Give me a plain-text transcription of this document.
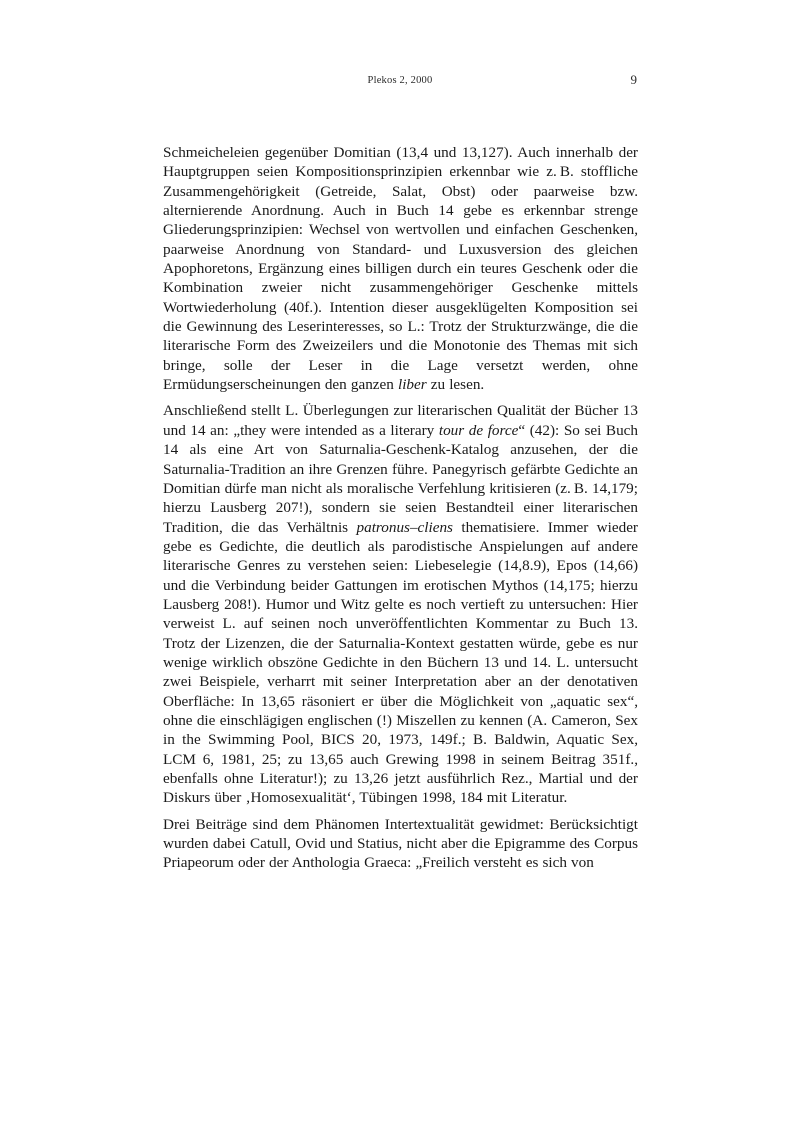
Plekos 2, 2000	9

Schmeicheleien gegenüber Domitian (13,4 und 13,127). Auch innerhalb der Hauptgruppen seien Kompositionsprinzipien erkennbar wie z. B. stoffliche Zusammengehörigkeit (Getreide, Salat, Obst) oder paarweise bzw. alternierende Anordnung. Auch in Buch 14 gebe es erkennbar strenge Gliederungsprinzipien: Wechsel von wertvollen und einfachen Geschenken, paarweise Anordnung von Standard- und Luxusversion des gleichen Apophoretons, Ergänzung eines billigen durch ein teures Geschenk oder die Kombination zweier nicht zusammengehöriger Geschenke mittels Wortwiederholung (40f.). Intention dieser ausgeklügelten Komposition sei die Gewinnung des Leserinteresses, so L.: Trotz der Strukturzwänge, die die literarische Form des Zweizeilers und die Monotonie des Themas mit sich bringe, solle der Leser in die Lage versetzt werden, ohne Ermüdungserscheinungen den ganzen liber zu lesen.

Anschließend stellt L. Überlegungen zur literarischen Qualität der Bücher 13 und 14 an: „they were intended as a literary tour de force“ (42): So sei Buch 14 als eine Art von Saturnalia-Geschenk-Katalog anzusehen, der die Saturnalia-Tradition an ihre Grenzen führe. Panegyrisch gefärbte Gedichte an Domitian dürfe man nicht als moralische Verfehlung kritisieren (z. B. 14,179; hierzu Lausberg 207!), sondern sie seien Bestandteil einer literarischen Tradition, die das Verhältnis patronus–cliens thematisiere. Immer wieder gebe es Gedichte, die deutlich als parodistische Anspielungen auf andere literarische Genres zu verstehen seien: Liebeselegie (14,8.9), Epos (14,66) und die Verbindung beider Gattungen im erotischen Mythos (14,175; hierzu Lausberg 208!). Humor und Witz gelte es noch vertieft zu untersuchen: Hier verweist L. auf seinen noch unveröffentlichten Kommentar zu Buch 13. Trotz der Lizenzen, die der Saturnalia-Kontext gestatten würde, gebe es nur wenige wirklich obszöne Gedichte in den Büchern 13 und 14. L. untersucht zwei Beispiele, verharrt mit seiner Interpretation aber an der denotativen Oberfläche: In 13,65 räsoniert er über die Möglichkeit von „aquatic sex“, ohne die einschlägigen englischen (!) Miszellen zu kennen (A. Cameron, Sex in the Swimming Pool, BICS 20, 1973, 149f.; B. Baldwin, Aquatic Sex, LCM 6, 1981, 25; zu 13,65 auch Grewing 1998 in seinem Beitrag 351f., ebenfalls ohne Literatur!); zu 13,26 jetzt ausführlich Rez., Martial und der Diskurs über ‚Homosexualität‘, Tübingen 1998, 184 mit Literatur.

Drei Beiträge sind dem Phänomen Intertextualität gewidmet: Berücksichtigt wurden dabei Catull, Ovid und Statius, nicht aber die Epigramme des Corpus Priapeorum oder der Anthologia Graeca: „Freilich versteht es sich von
